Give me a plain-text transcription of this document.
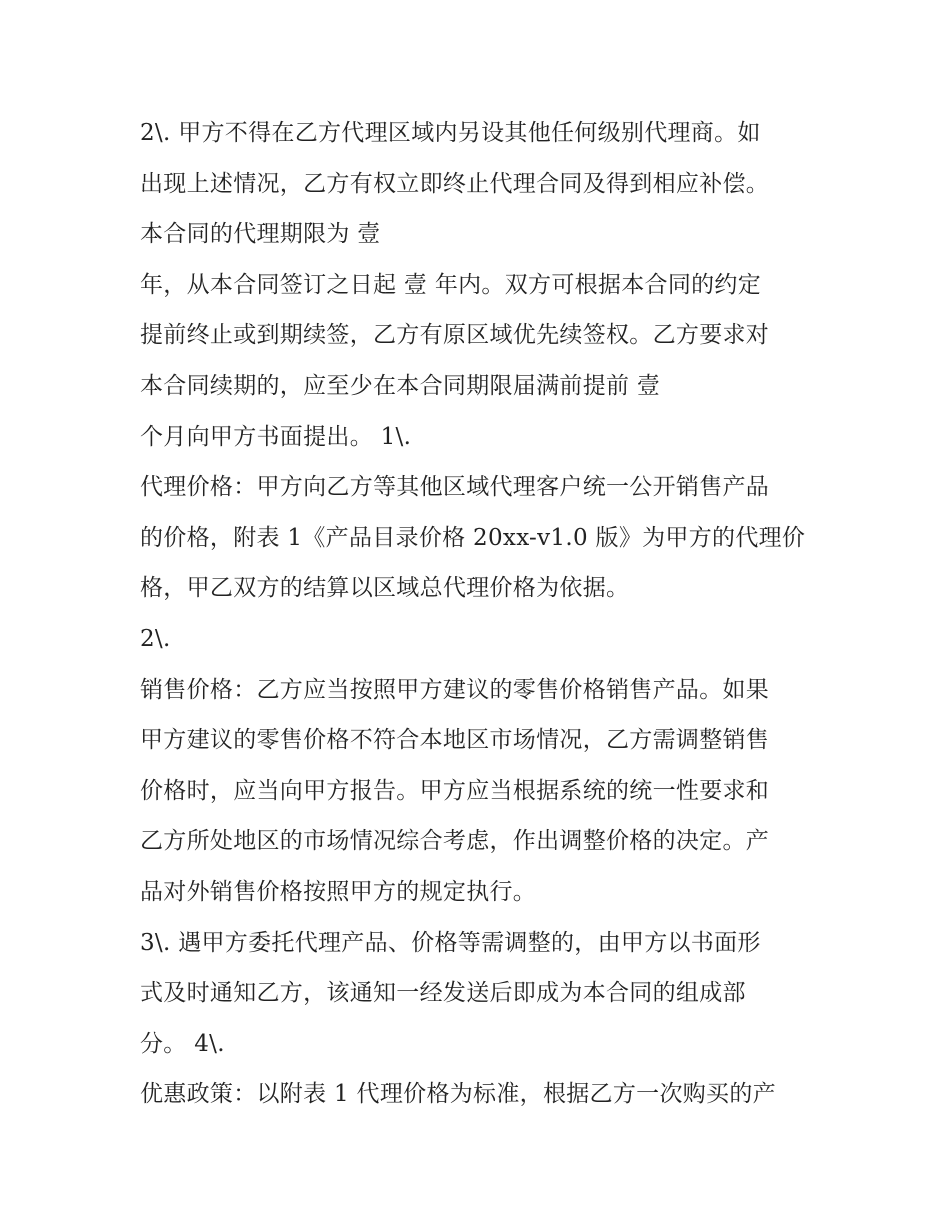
2\. 甲方不得在乙方代理区域内另设其他任何级别代理商。如
出现上述情况，乙方有权立即终止代理合同及得到相应补偿。
本合同的代理期限为 壹
年，从本合同签订之日起 壹 年内。双方可根据本合同的约定
提前终止或到期续签，乙方有原区域优先续签权。乙方要求对
本合同续期的，应至少在本合同期限届满前提前 壹
个月向甲方书面提出。 1\.
代理价格：甲方向乙方等其他区域代理客户统一公开销售产品
的价格，附表 1《产品目录价格 20xx-v1.0 版》为甲方的代理价
格，甲乙双方的结算以区域总代理价格为依据。
2\.
销售价格：乙方应当按照甲方建议的零售价格销售产品。如果
甲方建议的零售价格不符合本地区市场情况，乙方需调整销售
价格时，应当向甲方报告。甲方应当根据系统的统一性要求和
乙方所处地区的市场情况综合考虑，作出调整价格的决定。产
品对外销售价格按照甲方的规定执行。
3\. 遇甲方委托代理产品、价格等需调整的，由甲方以书面形
式及时通知乙方，该通知一经发送后即成为本合同的组成部
分。 4\.
优惠政策：以附表 1 代理价格为标准，根据乙方一次购买的产
